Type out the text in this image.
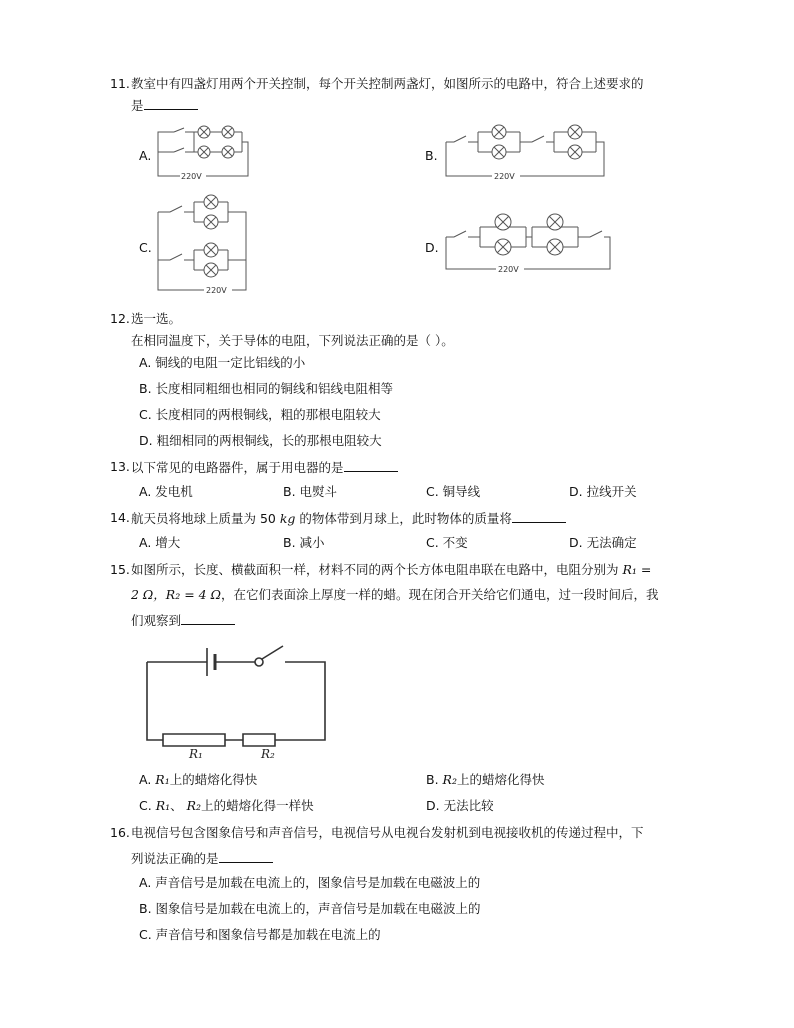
11. 教室中有四盏灯用两个开关控制，每个开关控制两盏灯，如图所示的电路中，符合上述要求的
是
A.
220V
B.
220V
C.
220V
D.
220V
12. 选一选。
在相同温度下，关于导体的电阻，下列说法正确的是（ ）。
A. 铜线的电阻一定比铝线的小
B. 长度相同粗细也相同的铜线和铝线电阻相等
C. 长度相同的两根铜线，粗的那根电阻较大
D. 粗细相同的两根铜线，长的那根电阻较大
13. 以下常见的电路器件，属于用电器的是
A. 发电机	B. 电熨斗	C. 铜导线	D. 拉线开关
14. 航天员将地球上质量为 50 kg 的物体带到月球上，此时物体的质量将
A. 增大	B. 减小	C. 不变	D. 无法确定
15. 如图所示，长度、横截面积一样，材料不同的两个长方体电阻串联在电路中，电阻分别为 R₁ =
2 Ω，R₂ = 4 Ω，在它们表面涂上厚度一样的蜡。现在闭合开关给它们通电，过一段时间后，我
们观察到
R₁	R₂
A. R₁上的蜡熔化得快	B. R₂上的蜡熔化得快
C. R₁、 R₂上的蜡熔化得一样快	D. 无法比较
16. 电视信号包含图象信号和声音信号，电视信号从电视台发射机到电视接收机的传递过程中，下
列说法正确的是
A. 声音信号是加载在电流上的，图象信号是加载在电磁波上的
B. 图象信号是加载在电流上的，声音信号是加载在电磁波上的
C. 声音信号和图象信号都是加载在电流上的
